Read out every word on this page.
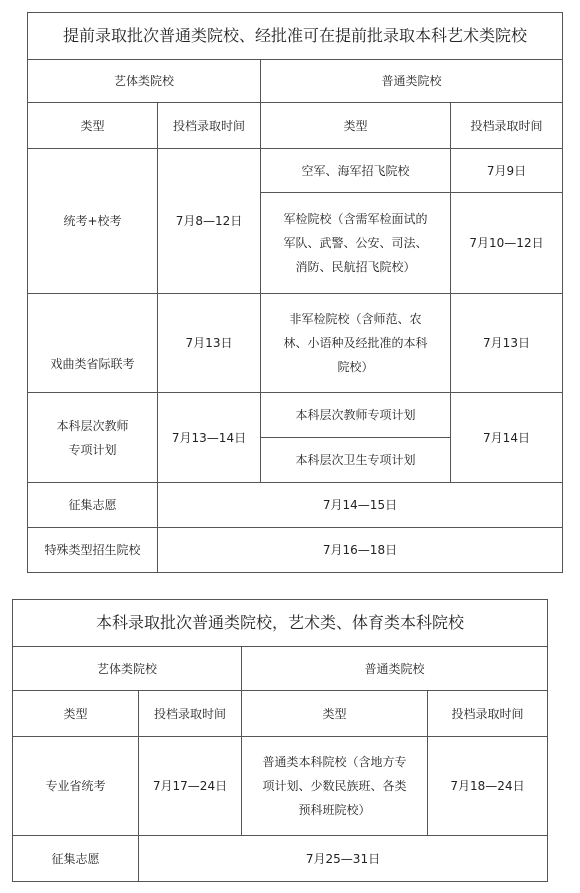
提前录取批次普通类院校、经批准可在提前批录取本科艺术类院校			
艺体类院校		普通类院校	
类型	投档录取时间	类型	投档录取时间
统考+校考	7月8—12日	空军、海军招飞院校	7月9日
		军检院校（含需军检面试的
军队、武警、公安、司法、
消防、民航招飞院校）	7月10—12日
戏曲类省际联考	7月13日	非军检院校（含师范、农
林、小语种及经批准的本科
院校）	7月13日
本科层次教师
专项计划	7月13—14日	本科层次教师专项计划	7月14日
		本科层次卫生专项计划	
征集志愿	7月14—15日		
特殊类型招生院校	7月16—18日		
本科录取批次普通类院校，艺术类、体育类本科院校			
艺体类院校		普通类院校	
类型	投档录取时间	类型	投档录取时间
专业省统考	7月17—24日	普通类本科院校（含地方专
项计划、少数民族班、各类
预科班院校）	7月18—24日
征集志愿	7月25—31日		
